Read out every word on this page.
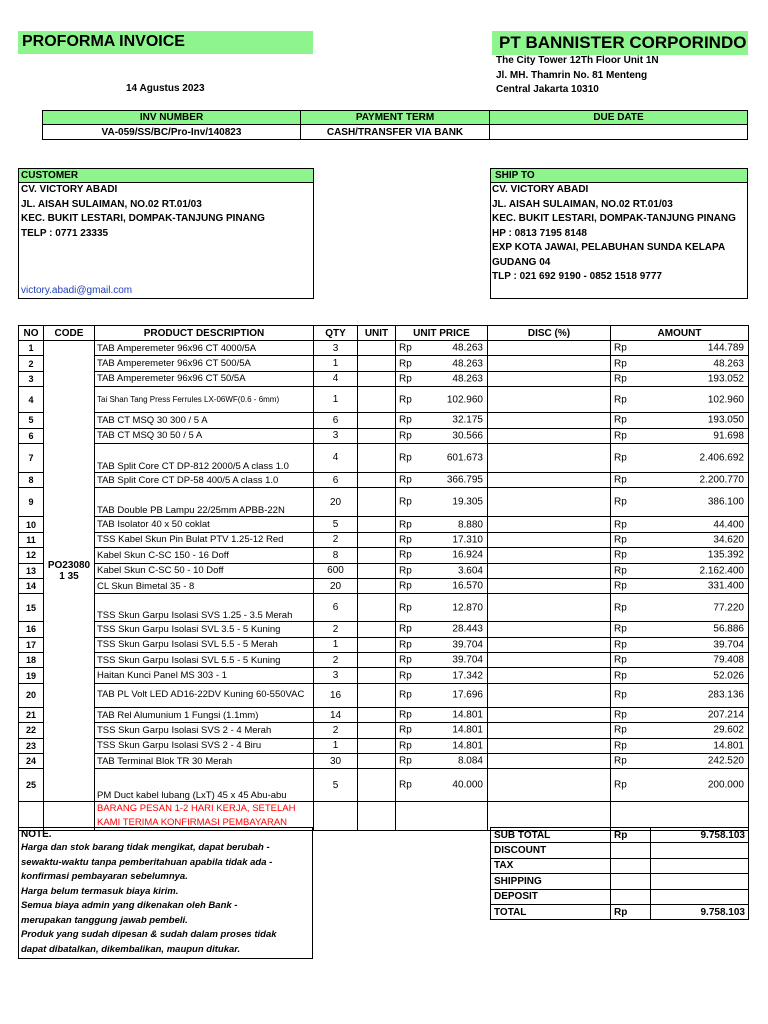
PROFORMA INVOICE
14 Agustus 2023
PT BANNISTER CORPORINDO
The City Tower 12Th Floor Unit 1N
Jl. MH. Thamrin No. 81 Menteng
Central Jakarta 10310
INV NUMBER	PAYMENT TERM	DUE DATE
VA-059/SS/BC/Pro-Inv/140823	CASH/TRANSFER VIA BANK	
CUSTOMER
CV. VICTORY ABADI
JL. AISAH SULAIMAN, NO.02 RT.01/03
KEC. BUKIT LESTARI, DOMPAK-TANJUNG PINANG
TELP : 0771 23335
victory.abadi@gmail.com
SHIP TO
CV. VICTORY ABADI
JL. AISAH SULAIMAN, NO.02 RT.01/03
KEC. BUKIT LESTARI, DOMPAK-TANJUNG PINANG
HP : 0813 7195 8148
EXP KOTA JAWAI, PELABUHAN SUNDA KELAPA
GUDANG 04
TLP : 021 692 9190 - 0852 1518 9777
NO	CODE	PRODUCT DESCRIPTION	QTY	UNIT	UNIT PRICE	DISC (%)	AMOUNT
1	PO230801 35	TAB Amperemeter 96x96 CT 4000/5A	3		Rp 48.263		Rp 144.789

2		TAB Amperemeter 96x96 CT 500/5A	1		Rp 48.263		Rp 48.263

3		TAB Amperemeter 96x96 CT 50/5A	4		Rp 48.263		Rp 193.052

4		Tai Shan Tang Press Ferrules LX-06WF(0.6 - 6mm)	1		Rp 102.960		Rp 102.960

5		TAB CT MSQ 30 300 / 5 A	6		Rp 32.175		Rp 193.050

6		TAB CT MSQ 30 50 / 5 A	3		Rp 30.566		Rp 91.698

7		TAB Split Core CT DP-812 2000/5 A class 1.0	4		Rp 601.673		Rp 2.406.692

8		TAB Split Core CT DP-58 400/5 A class 1.0	6		Rp 366.795		Rp 2.200.770

9		TAB Double PB Lampu 22/25mm APBB-22N	20		Rp 19.305		Rp 386.100

10		TAB Isolator 40 x 50 coklat	5		Rp 8.880		Rp 44.400

11		TSS Kabel Skun Pin Bulat PTV 1.25-12 Red	2		Rp 17.310		Rp 34.620

12		Kabel Skun C-SC 150 - 16 Doff	8		Rp 16.924		Rp 135.392

13		Kabel Skun C-SC 50 - 10 Doff	600		Rp 3.604		Rp 2.162.400

14		CL Skun Bimetal 35 - 8	20		Rp 16.570		Rp 331.400

15		TSS Skun Garpu Isolasi SVS 1.25 - 3.5 Merah	6		Rp 12.870		Rp 77.220

16		TSS Skun Garpu Isolasi SVL 3.5 - 5 Kuning	2		Rp 28.443		Rp 56.886

17		TSS Skun Garpu Isolasi SVL 5.5 - 5 Merah	1		Rp 39.704		Rp 39.704

18		TSS Skun Garpu Isolasi SVL 5.5 - 5 Kuning	2		Rp 39.704		Rp 79.408

19		Haitan Kunci Panel MS 303 - 1	3		Rp 17.342		Rp 52.026

20		TAB PL Volt LED AD16-22DV Kuning 60-550VAC	16		Rp 17.696		Rp 283.136

21		TAB Rel Alumunium 1 Fungsi (1.1mm)	14		Rp 14.801		Rp 207.214

22		TSS Skun Garpu Isolasi SVS 2 - 4 Merah	2		Rp 14.801		Rp 29.602

23		TSS Skun Garpu Isolasi SVS 2 - 4 Biru	1		Rp 14.801		Rp 14.801

24		TAB Terminal Blok TR 30 Merah	30		Rp 8.084		Rp 242.520

25		PM Duct kabel lubang (LxT) 45 x 45 Abu-abu	5		Rp 40.000		Rp 200.000

		BARANG PESAN 1-2 HARI KERJA, SETELAH KAMI TERIMA KONFIRMASI PEMBAYARAN					
NOTE.
Harga dan stok barang tidak mengikat, dapat berubah -
sewaktu-waktu tanpa pemberitahuan apabila tidak ada -
konfirmasi pembayaran sebelumnya.
Harga belum termasuk biaya kirim.
Semua biaya admin yang dikenakan oleh Bank -
merupakan tanggung jawab pembeli.
Produk yang sudah dipesan & sudah dalam proses tidak
dapat dibatalkan, dikembalikan, maupun ditukar.
SUB TOTAL	Rp	9.758.103
DISCOUNT		
TAX		
SHIPPING		
DEPOSIT		
TOTAL	Rp	9.758.103
